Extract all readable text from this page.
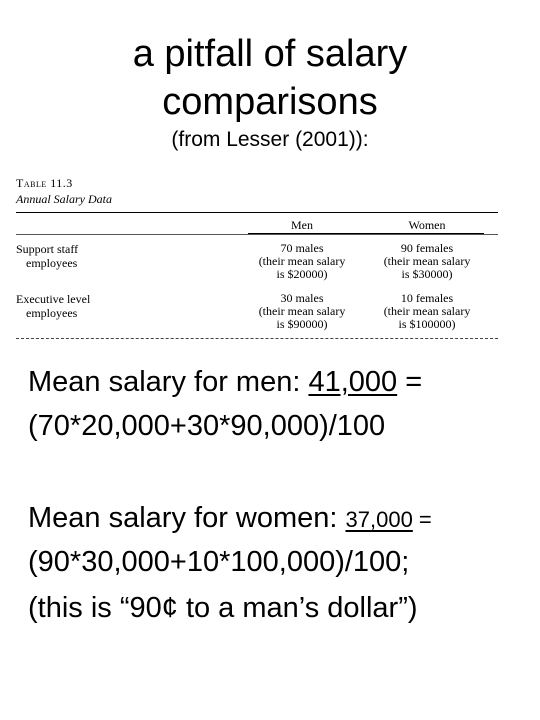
a pitfall of salary
comparisons
(from Lesser (2001)):
Table 11.3
Annual Salary Data
Men	Women
Support staff
employees
70 males
(their mean salary
is $20000)
90 females
(their mean salary
is $30000)
Executive level
employees
30 males
(their mean salary
is $90000)
10 females
(their mean salary
is $100000)
Mean salary for men: 41,000 =
(70*20,000+30*90,000)/100
Mean salary for women: 37,000 =
(90*30,000+10*100,000)/100;
(this is “90¢ to a man’s dollar”)
